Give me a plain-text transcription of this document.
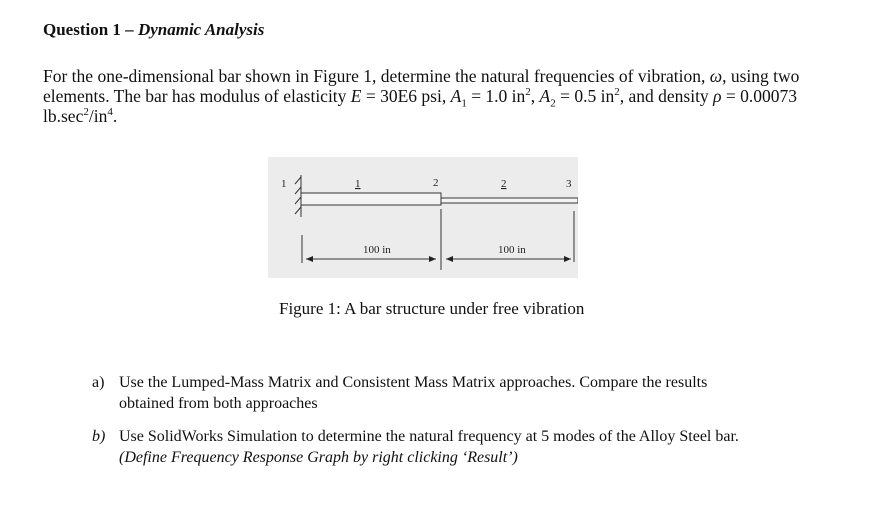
Question 1 – Dynamic Analysis
For the one-dimensional bar shown in Figure 1, determine the natural frequencies of vibration, ω, using two elements. The bar has modulus of elasticity E = 30E6 psi, $A_1 = 1.0$ $in^2$, $A_2 = 0.5$ $in^2$, and density ρ = 0.00073 $lb.\sec^2/in^4$.
1	2	3
1	2
100 in	100 in
Figure 1: A bar structure under free vibration
a) Use the Lumped-Mass Matrix and Consistent Mass Matrix approaches. Compare the results
obtained from both approaches
b) Use SolidWorks Simulation to determine the natural frequency at 5 modes of the Alloy Steel bar.
(Define Frequency Response Graph by right clicking ‘Result’)
